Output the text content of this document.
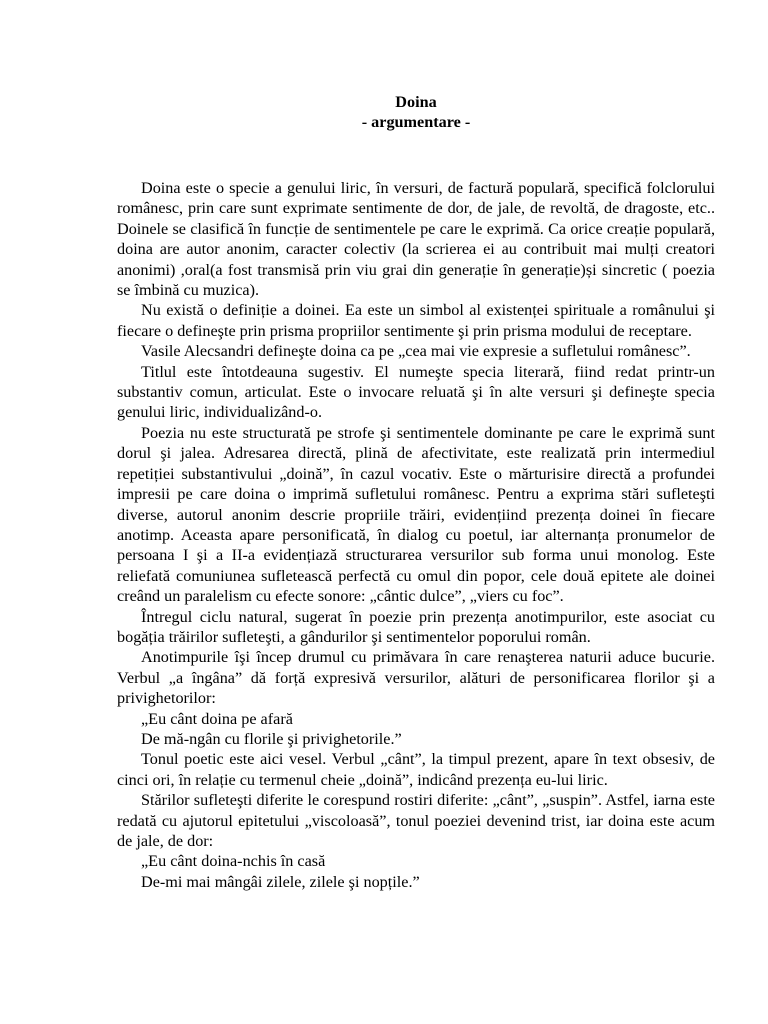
Doina

- argumentare -

Doina este o specie a genului liric, în versuri, de factură populară, specifică folclorului românesc, prin care sunt exprimate sentimente de dor, de jale, de revoltă, de dragoste, etc.. Doinele se clasifică în funcție de sentimentele pe care le exprimă. Ca orice creație populară, doina are autor anonim, caracter colectiv (la scrierea ei au contribuit mai mulți creatori anonimi) ,oral(a fost transmisă prin viu grai din generație în generație)și sincretic ( poezia se îmbină cu muzica).

Nu există o definiție a doinei. Ea este un simbol al existenței spirituale a românului şi fiecare o defineşte prin prisma propriilor sentimente şi prin prisma modului de receptare.

Vasile Alecsandri defineşte doina ca pe „cea mai vie expresie a sufletului românesc”.

Titlul este întotdeauna sugestiv. El numeşte specia literară, fiind redat printr-un substantiv comun, articulat. Este o invocare reluată şi în alte versuri şi defineşte specia genului liric, individualizând-o.

Poezia nu este structurată pe strofe şi sentimentele dominante pe care le exprimă sunt dorul şi jalea. Adresarea directă, plină de afectivitate, este realizată prin intermediul repetiției substantivului „doină”, în cazul vocativ. Este o mărturisire directă a profundei impresii pe care doina o imprimă sufletului românesc. Pentru a exprima stări sufleteşti diverse, autorul anonim descrie propriile trăiri, evidențiind prezența doinei în fiecare anotimp. Aceasta apare personificată, în dialog cu poetul, iar alternanța pronumelor de persoana I şi a II-a evidențiază structurarea versurilor sub forma unui monolog. Este reliefată comuniunea sufletească perfectă cu omul din popor, cele două epitete ale doinei creând un paralelism cu efecte sonore: „cântic dulce”, „viers cu foc”.

Întregul ciclu natural, sugerat în poezie prin prezența anotimpurilor, este asociat cu bogăția trăirilor sufleteşti, a gândurilor şi sentimentelor poporului român.

Anotimpurile îşi încep drumul cu primăvara în care renaşterea naturii aduce bucurie. Verbul „a îngâna” dă forță expresivă versurilor, alături de personificarea florilor şi a privighetorilor:

„Eu cânt doina pe afară

De mă-ngân cu florile şi privighetorile.”

Tonul poetic este aici vesel. Verbul „cânt”, la timpul prezent, apare în text obsesiv, de cinci ori, în relație cu termenul cheie „doină”, indicând prezența eu-lui liric.

Stărilor sufleteşti diferite le corespund rostiri diferite: „cânt”, „suspin”. Astfel, iarna este redată cu ajutorul epitetului „viscoloasă”, tonul poeziei devenind trist, iar doina este acum de jale, de dor:

„Eu cânt doina-nchis în casă

De-mi mai mângâi zilele, zilele şi nopțile.”
